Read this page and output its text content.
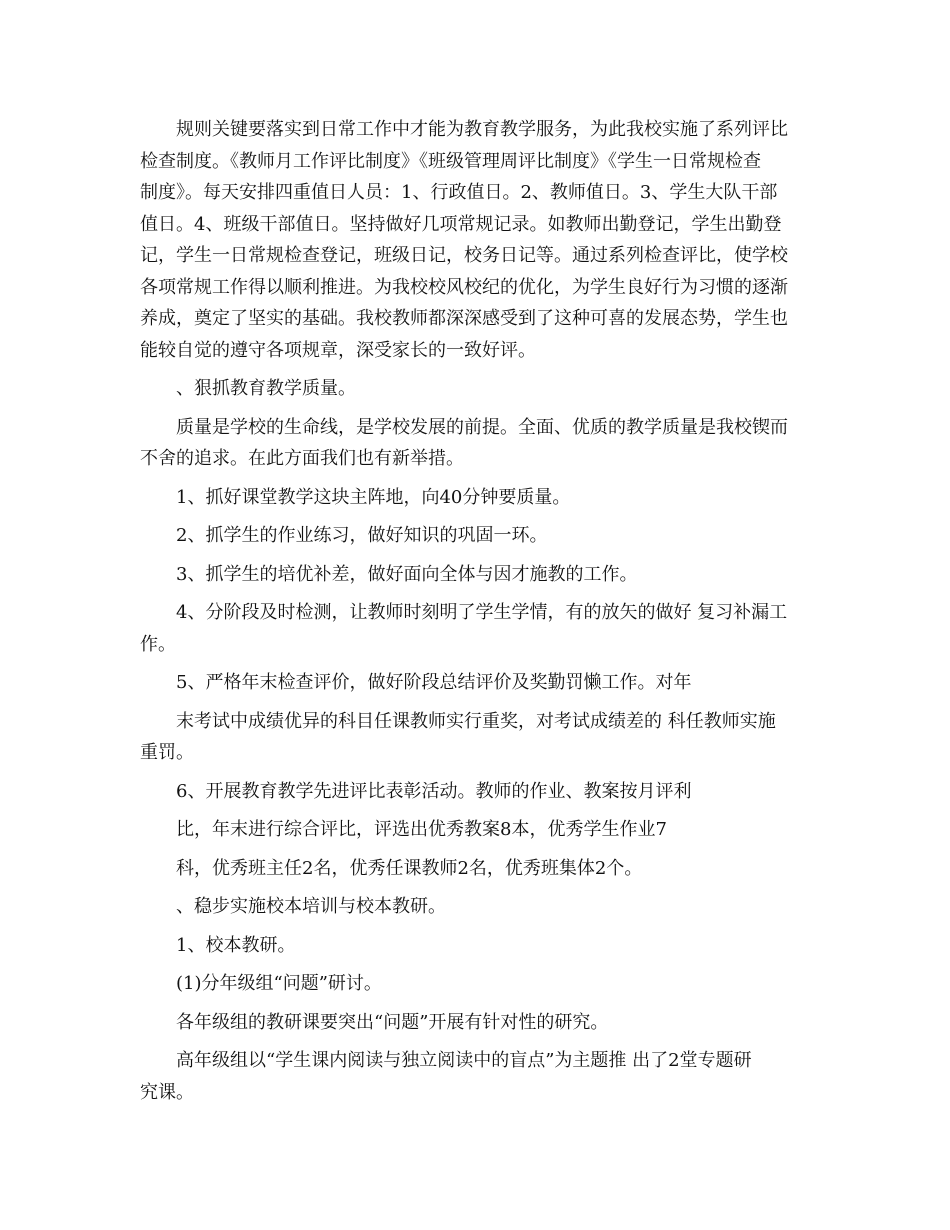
规则关键要落实到日常工作中才能为教育教学服务，为此我校实施了系列评比
检查制度。《教师月工作评比制度》《班级管理周评比制度》《学生一日常规检查
制度》。每天安排四重值日人员：1、行政值日。2、教师值日。3、学生大队干部
值日。4、班级干部值日。坚持做好几项常规记录。如教师出勤登记，学生出勤登
记，学生一日常规检查登记，班级日记，校务日记等。通过系列检查评比，使学校
各项常规工作得以顺利推进。为我校校风校纪的优化，为学生良好行为习惯的逐渐
养成，奠定了坚实的基础。我校教师都深深感受到了这种可喜的发展态势，学生也
能较自觉的遵守各项规章，深受家长的一致好评。
、狠抓教育教学质量。
质量是学校的生命线，是学校发展的前提。全面、优质的教学质量是我校锲而
不舍的追求。在此方面我们也有新举措。
1、抓好课堂教学这块主阵地，向40分钟要质量。
2、抓学生的作业练习，做好知识的巩固一环。
3、抓学生的培优补差，做好面向全体与因才施教的工作。
4、分阶段及时检测，让教师时刻明了学生学情，有的放矢的做好 复习补漏工
作。
5、严格年末检查评价，做好阶段总结评价及奖勤罚懒工作。对年
末考试中成绩优异的科目任课教师实行重奖，对考试成绩差的 科任教师实施
重罚。
6、开展教育教学先进评比表彰活动。教师的作业、教案按月评利
比，年末进行综合评比，评选出优秀教案8本，优秀学生作业7
科，优秀班主任2名，优秀任课教师2名，优秀班集体2个。
、稳步实施校本培训与校本教研。
1、校本教研。
(1)分年级组“问题”研讨。
各年级组的教研课要突出“问题”开展有针对性的研究。
高年级组以“学生课内阅读与独立阅读中的盲点”为主题推 出了2堂专题研
究课。
